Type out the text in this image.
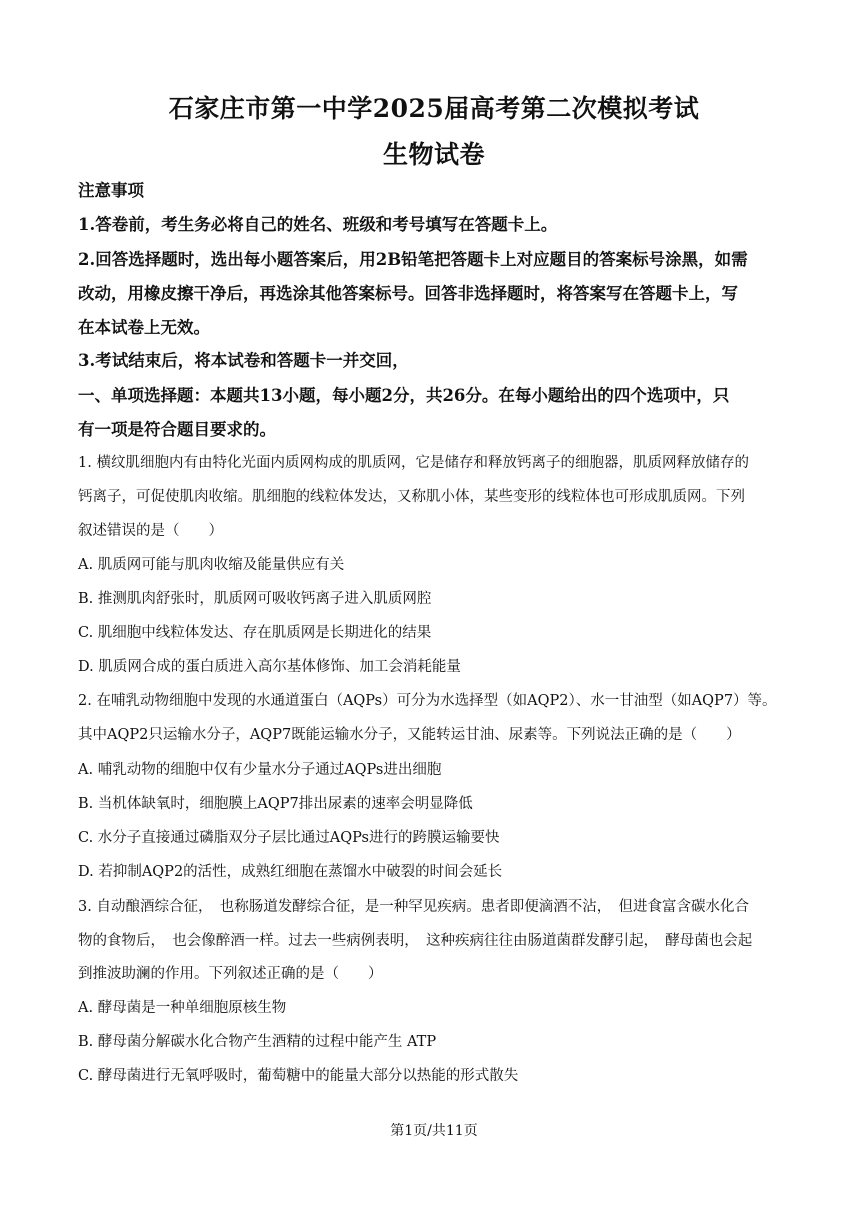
石家庄市第一中学2025届高考第二次模拟考试
生物试卷
注意事项
1.答卷前，考生务必将自己的姓名、班级和考号填写在答题卡上。
2.回答选择题时，选出每小题答案后，用2B铅笔把答题卡上对应题目的答案标号涂黑，如需
改动，用橡皮擦干净后，再选涂其他答案标号。回答非选择题时，将答案写在答题卡上，写
在本试卷上无效。
3.考试结束后，将本试卷和答题卡一并交回，
一、单项选择题：本题共13小题，每小题2分，共26分。在每小题给出的四个选项中，只
有一项是符合题目要求的。
1. 横纹肌细胞内有由特化光面内质网构成的肌质网，它是储存和释放钙离子的细胞器，肌质网释放储存的
钙离子，可促使肌肉收缩。肌细胞的线粒体发达，又称肌小体，某些变形的线粒体也可形成肌质网。下列
叙述错误的是（　　）
A. 肌质网可能与肌肉收缩及能量供应有关
B. 推测肌肉舒张时，肌质网可吸收钙离子进入肌质网腔
C. 肌细胞中线粒体发达、存在肌质网是长期进化的结果
D. 肌质网合成的蛋白质进入高尔基体修饰、加工会消耗能量
2. 在哺乳动物细胞中发现的水通道蛋白（AQPs）可分为水选择型（如AQP2）、水一甘油型（如AQP7）等。
其中AQP2只运输水分子，AQP7既能运输水分子，又能转运甘油、尿素等。下列说法正确的是（　　）
A. 哺乳动物的细胞中仅有少量水分子通过AQPs进出细胞
B. 当机体缺氧时，细胞膜上AQP7排出尿素的速率会明显降低
C. 水分子直接通过磷脂双分子层比通过AQPs进行的跨膜运输要快
D. 若抑制AQP2的活性，成熟红细胞在蒸馏水中破裂的时间会延长
3. 自动酿酒综合征，　也称肠道发酵综合征，是一种罕见疾病。患者即便滴酒不沾，　但进食富含碳水化合
物的食物后，　也会像醉酒一样。过去一些病例表明，　这种疾病往往由肠道菌群发酵引起，　酵母菌也会起
到推波助澜的作用。下列叙述正确的是（　　）
A. 酵母菌是一种单细胞原核生物
B. 酵母菌分解碳水化合物产生酒精的过程中能产生 ATP
C. 酵母菌进行无氧呼吸时，葡萄糖中的能量大部分以热能的形式散失
第1页/共11页
